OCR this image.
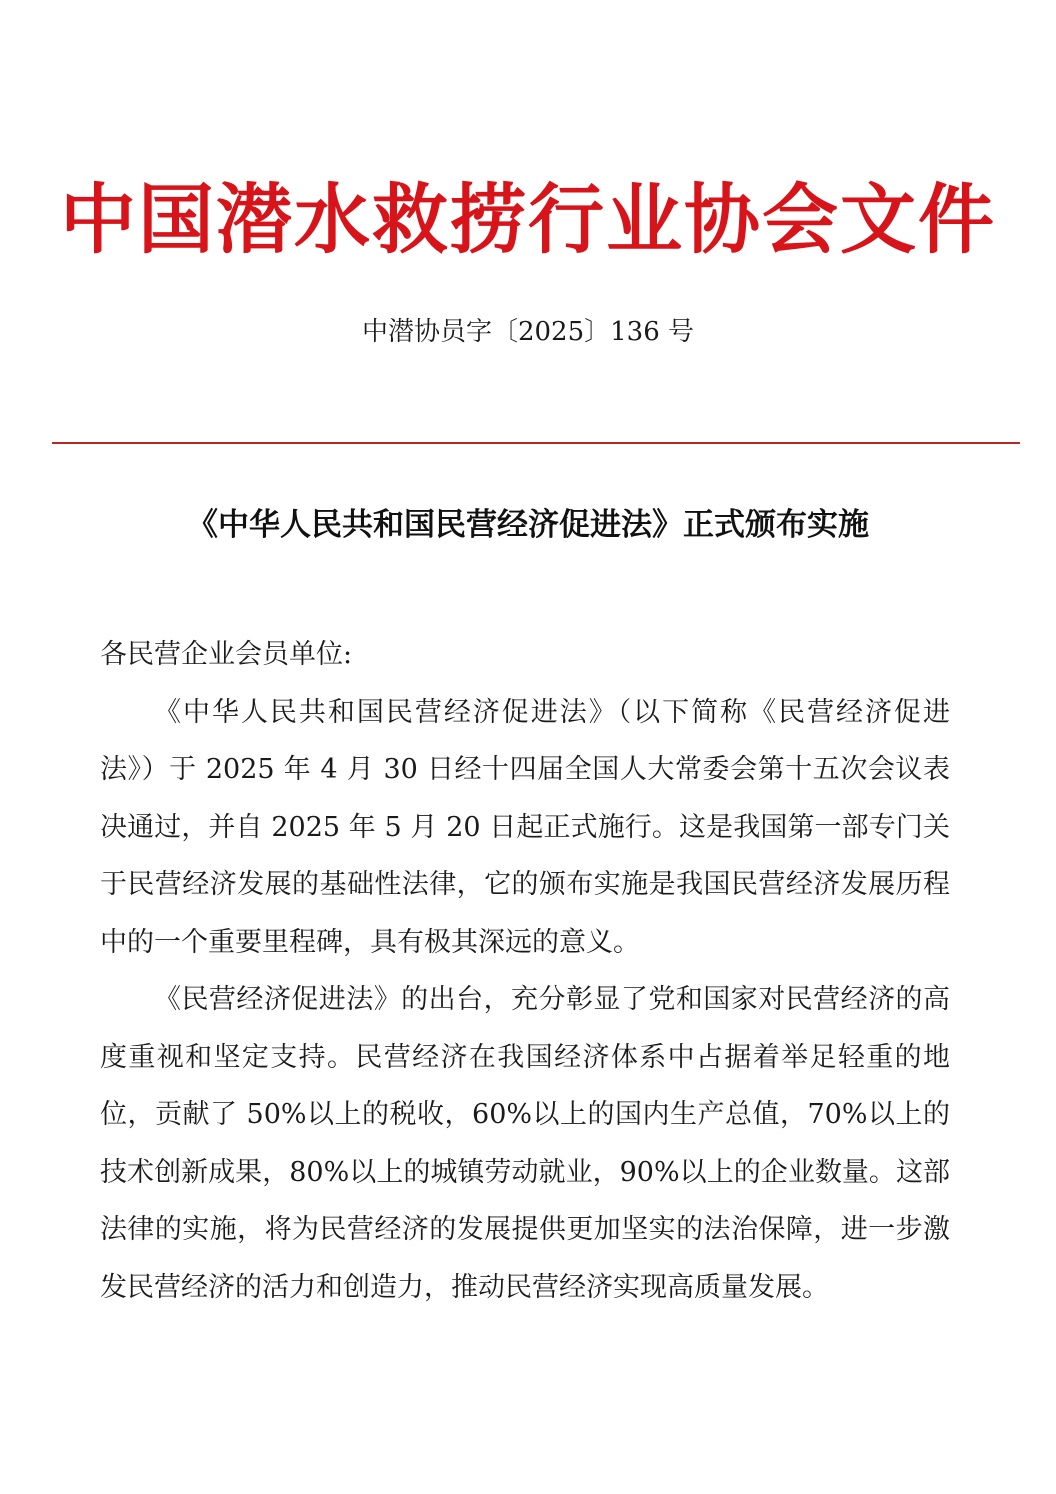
中国潜水救捞行业协会文件
中潜协员字〔2025〕136 号
《中华人民共和国民营经济促进法》正式颁布实施

各民营企业会员单位:

《中华人民共和国民营经济促进法》（以下简称《民营经济促进法》）于 2025 年 4 月 30 日经十四届全国人大常委会第十五次会议表决通过，并自 2025 年 5 月 20 日起正式施行。这是我国第一部专门关于民营经济发展的基础性法律，它的颁布实施是我国民营经济发展历程中的一个重要里程碑，具有极其深远的意义。

《民营经济促进法》的出台，充分彰显了党和国家对民营经济的高度重视和坚定支持。民营经济在我国经济体系中占据着举足轻重的地位，贡献了 50%以上的税收，60%以上的国内生产总值，70%以上的技术创新成果，80%以上的城镇劳动就业，90%以上的企业数量。这部法律的实施，将为民营经济的发展提供更加坚实的法治保障，进一步激发民营经济的活力和创造力，推动民营经济实现高质量发展。
